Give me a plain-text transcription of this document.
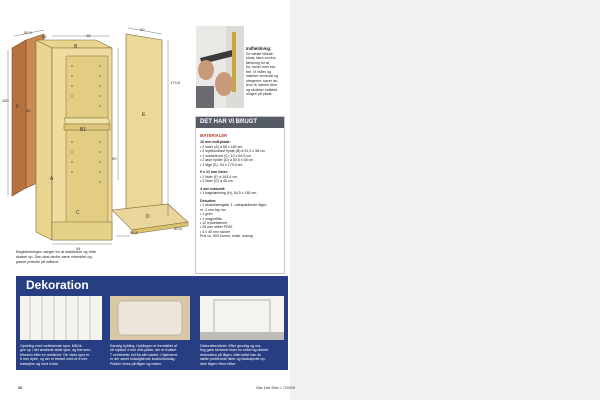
50,5
180
58	48
50
179,5
90
50,5
50,5
54
30
E
F
B
C
A
D
B1
Bagklædningen sørger for at stabilisere og rette skabet op. Den skal derfor være retvinklet og passe præcist på målene.
Indfældning:
Se næste billede,
klods, lære om ind-
fældning for at
bo- hullet over sta-
bet. Vi måler og
mærker omvendt og
stregerne, saver de-
lene til, samler dem
og skubber indfæld-
ningen på plads.
DET HAR VI BRUGT
MATERIALER
16 mm mdf-plade:
• 2 sider (A) à 58 x 180 cm
• 3 topfbundfast hylde (B) à 51,3 x 58 cm
• 1 sokkelfront (C), 10 x 54,5 cm
• 2 løse hylder (D) à 50,5 x 58 cm
• 1 låge (E), 54 x 179,5 cm
9 x 21 mm lister:
• 2 lister (F) à 183,5 cm
• 2 lister (G) à 40 cm
4 mm masonit:
• 1 bagklædning (H), 54,5 x 180 cm
Desuden:
• 1 skabshængsler 1. udespaldende låger,
m. 4 mm tap inc
• 1 greb
• 1 magnetlås
• 12 hyldebærere
• 25 mm stifter PRIS
• 4 x 40 mm skruer
Pris ca. 500 kroner, ekskl. maling
Opdeling med vedfrisende spor. Mål lä-
gen op i det ønskede antal spor, og fræ sem-
frisesen efter en retskinne. De vises spor er
5 mm dybe, og der er fræset med et 6 mm
fræsejern og med hvide.
Kanstig hylding. Hyldlegen er fremstillet af
ett stykket 4 mm mdf-plade, der er trukket
7 centimeter ind fra alle kanter. I hjørnerne
er der savet indadgående kvartcirkelslag.
Pladen limes på lågen og males.
Dekorationslister. Efter grundig og ma-
ling gøre skrivede lister en enkel og diskret
dekoration på lågen. Alternativt kan du
sætte profilerede lister og ekstraprofe op-
dele lågen i flere felter.
Dekoration
26	Gør Det Selv • 7/2009
